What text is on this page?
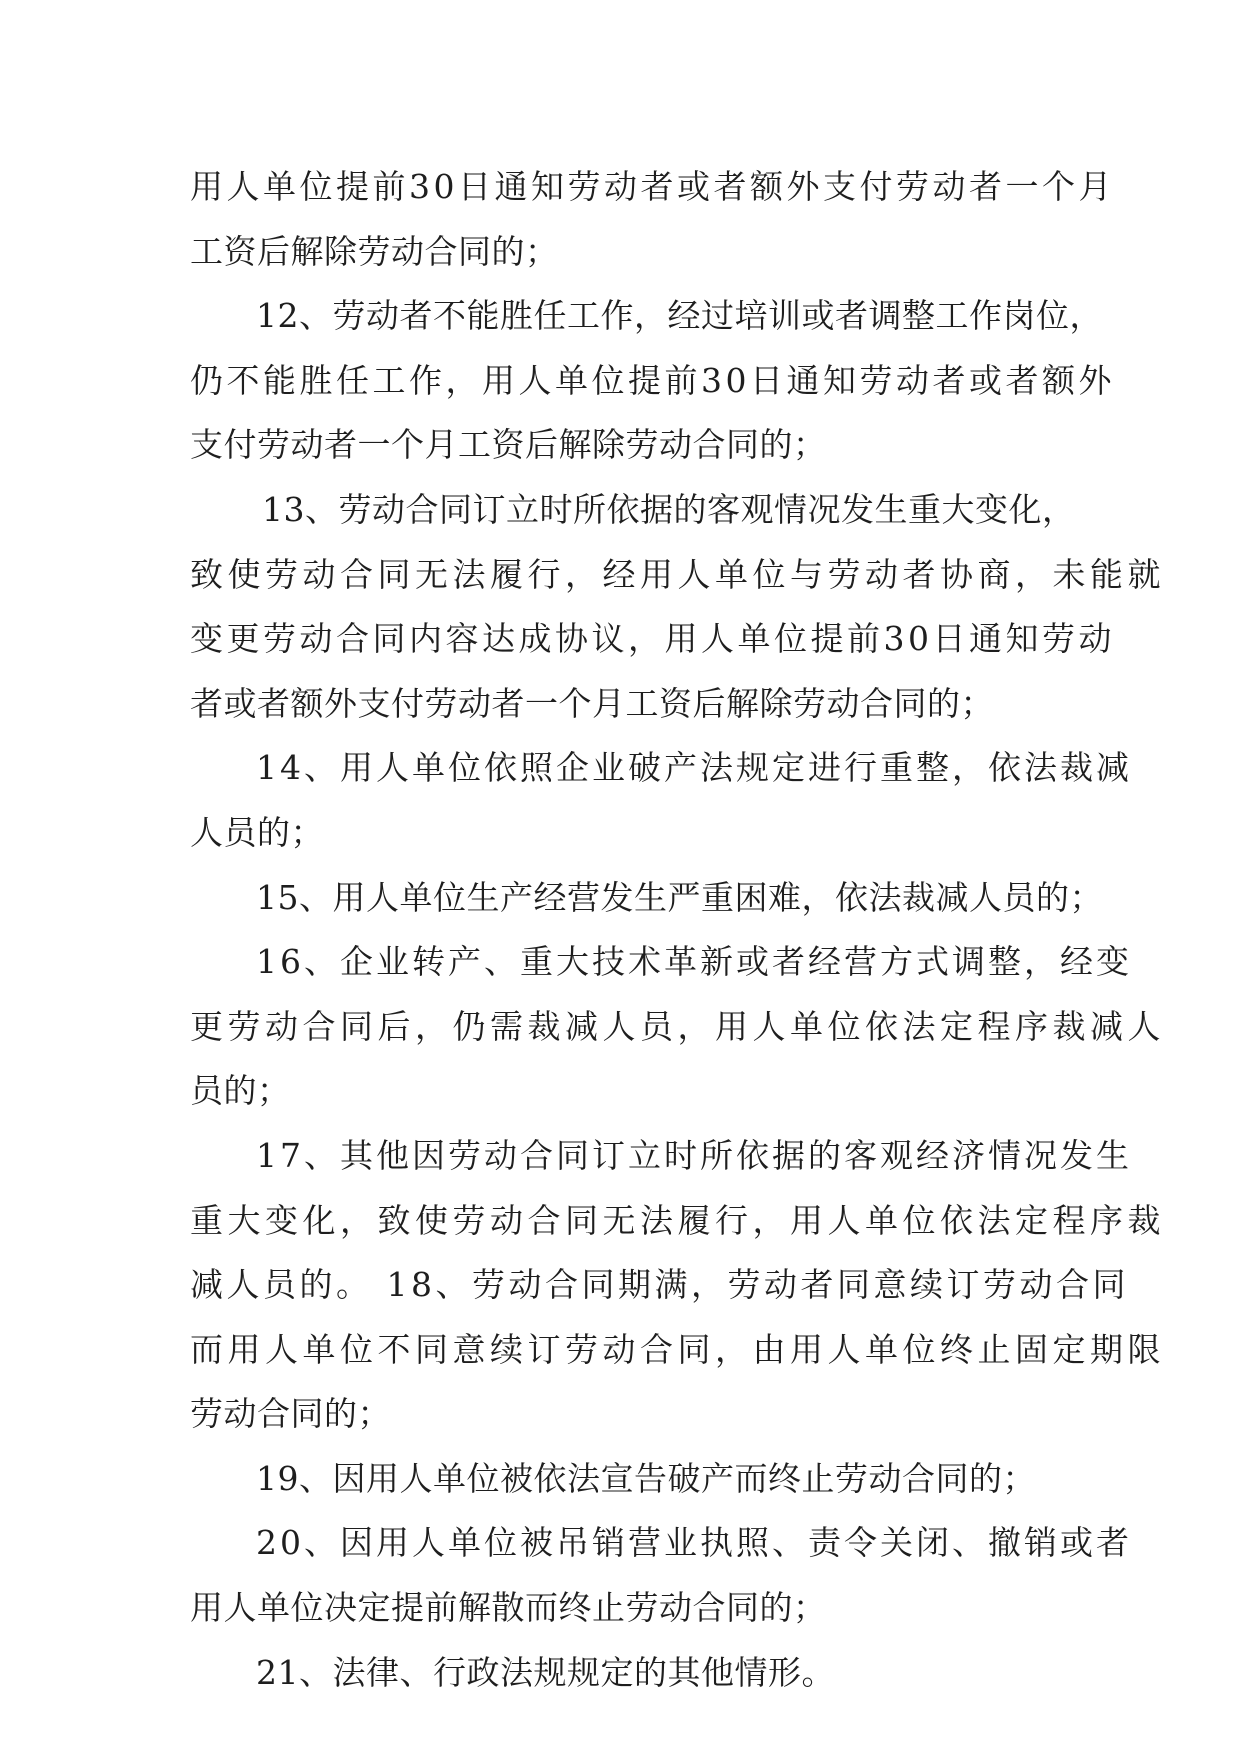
用人单位提前30日通知劳动者或者额外支付劳动者一个月
工资后解除劳动合同的；
12、劳动者不能胜任工作，经过培训或者调整工作岗位，
仍不能胜任工作，用人单位提前30日通知劳动者或者额外
支付劳动者一个月工资后解除劳动合同的；
13、劳动合同订立时所依据的客观情况发生重大变化，
致使劳动合同无法履行，经用人单位与劳动者协商，未能就
变更劳动合同内容达成协议，用人单位提前30日通知劳动
者或者额外支付劳动者一个月工资后解除劳动合同的；
14、用人单位依照企业破产法规定进行重整，依法裁减
人员的；
15、用人单位生产经营发生严重困难，依法裁减人员的；
16、企业转产、重大技术革新或者经营方式调整，经变
更劳动合同后，仍需裁减人员，用人单位依法定程序裁减人
员的；
17、其他因劳动合同订立时所依据的客观经济情况发生
重大变化，致使劳动合同无法履行，用人单位依法定程序裁
减人员的。 18、劳动合同期满，劳动者同意续订劳动合同
而用人单位不同意续订劳动合同，由用人单位终止固定期限
劳动合同的；
19、因用人单位被依法宣告破产而终止劳动合同的；
20、因用人单位被吊销营业执照、责令关闭、撤销或者
用人单位决定提前解散而终止劳动合同的；
21、法律、行政法规规定的其他情形。
